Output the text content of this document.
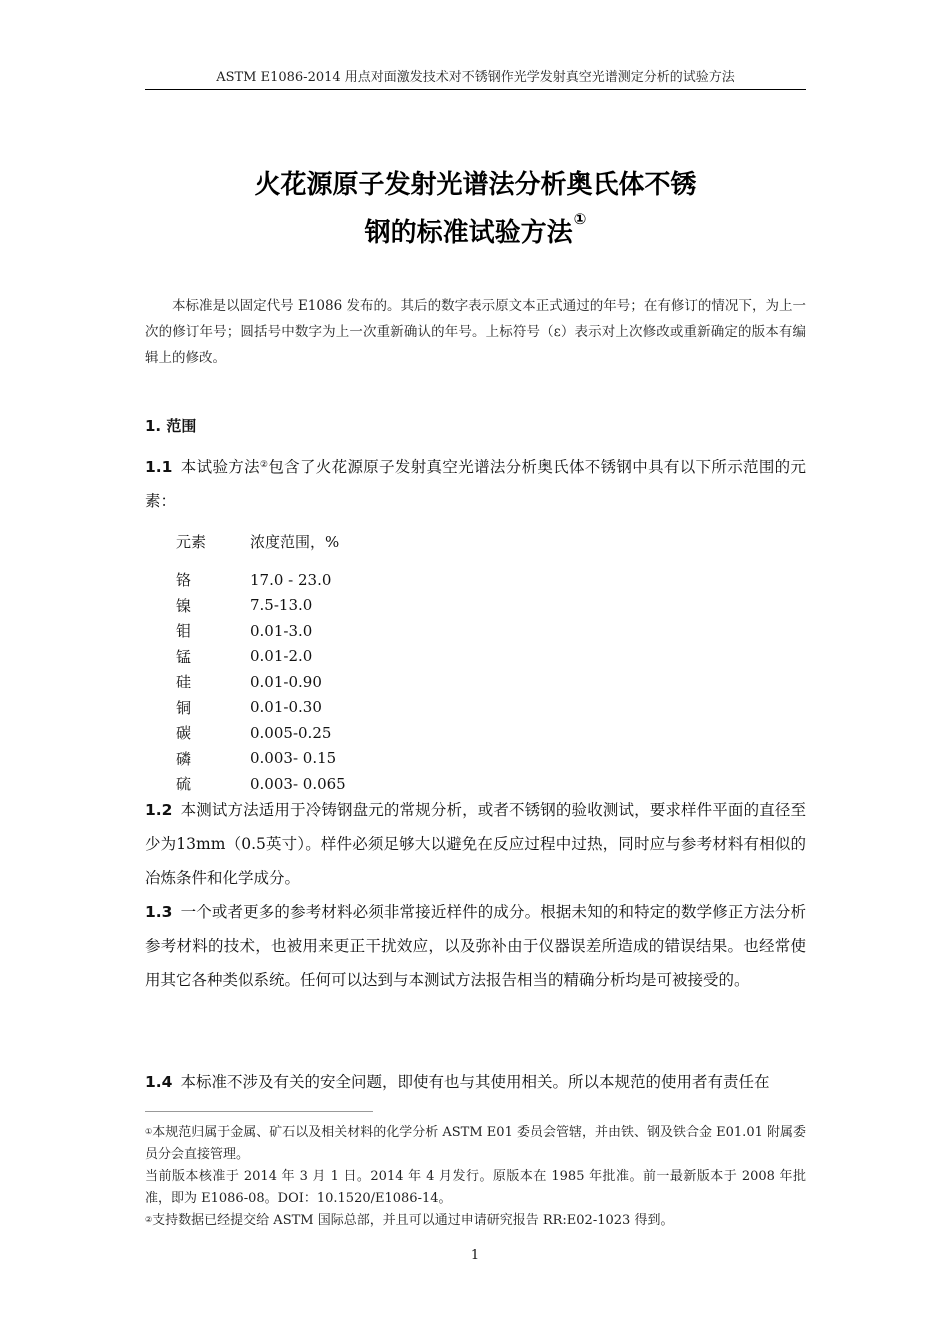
ASTM E1086-2014 用点对面激发技术对不锈钢作光学发射真空光谱测定分析的试验方法
火花源原子发射光谱法分析奥氏体不锈
钢的标准试验方法①
本标准是以固定代号 E1086 发布的。其后的数字表示原文本正式通过的年号；在有修订的情况下，为上一次的修订年号；圆括号中数字为上一次重新确认的年号。上标符号（ε）表示对上次修改或重新确定的版本有编辑上的修改。
1. 范围
1.1 本试验方法②包含了火花源原子发射真空光谱法分析奥氏体不锈钢中具有以下所示范围的元素：
元素	浓度范围，%
铬	17.0 - 23.0
镍	7.5-13.0
钼	0.01-3.0
锰	0.01-2.0
硅	0.01-0.90
铜	0.01-0.30
碳	0.005-0.25
磷	0.003- 0.15
硫	0.003- 0.065
1.2 本测试方法适用于冷铸钢盘元的常规分析，或者不锈钢的验收测试，要求样件平面的直径至少为13mm（0.5英寸）。样件必须足够大以避免在反应过程中过热，同时应与参考材料有相似的冶炼条件和化学成分。
1.3 一个或者更多的参考材料必须非常接近样件的成分。根据未知的和特定的数学修正方法分析参考材料的技术，也被用来更正干扰效应，以及弥补由于仪器误差所造成的错误结果。也经常使用其它各种类似系统。任何可以达到与本测试方法报告相当的精确分析均是可被接受的。
1.4 本标准不涉及有关的安全问题，即使有也与其使用相关。所以本规范的使用者有责任在

①本规范归属于金属、矿石以及相关材料的化学分析 ASTM E01 委员会管辖，并由铁、钢及铁合金 E01.01 附属委员分会直接管理。

当前版本核准于 2014 年 3 月 1 日。2014 年 4 月发行。原版本在 1985 年批准。前一最新版本于 2008 年批准，即为 E1086-08。DOI：10.1520/E1086-14。

②支持数据已经提交给 ASTM 国际总部，并且可以通过申请研究报告 RR:E02-1023 得到。

1
